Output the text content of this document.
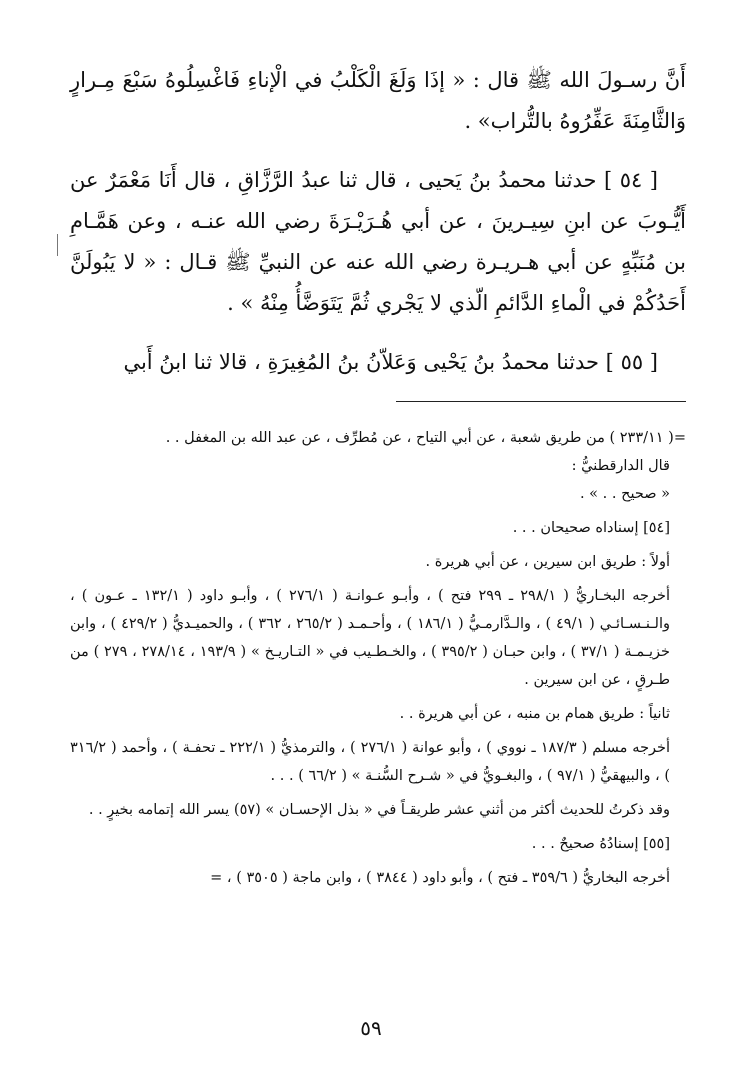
أَنَّ رسـولَ الله ﷺ قال : « إذَا وَلَغَ الْكَلْبُ في الْإناءِ فَاغْسِلُوهُ سَبْعَ مِـرارٍ وَالثَّامِنَةَ عَفِّرُوهُ بالتُّراب» .

[ ٥٤ ] حدثنا محمدُ بنُ يَحيى ، قال ثنا عبدُ الرَّزَّاقِ ، قال أَنَا مَعْمَرٌ عن أَيُّـوبَ عن ابنِ سِيـرينَ ، عن أبي هُـرَيْـرَةَ رضي الله عنـه ، وعن هَمَّـامِ بن مُنَبِّهٍ عن أبي هـريـرة رضي الله عنه عن النبيِّ ﷺ قـال : « لا يَبُولَنَّ أَحَدُكُمْ في الْماءِ الدَّائمِ الّذي لا يَجْري ثُمَّ يَتَوَضَّأُ مِنْهُ » .

[ ٥٥ ] حدثنا محمدُ بنُ يَحْيى وَعَلاّنُ بنُ المُغِيرَةِ ، قالا ثنا ابنُ أَبي

=( ٢٣٣/١١ ) من طريق شعبة ، عن أبي التياح ، عن مُطرِّف ، عن عبد الله بن المغفل . .

قال الدارقطنيُّ :

« صحيح . . » .

[٥٤] إسناداه صحيحان . . .

أولاً : طريق ابن سيرين ، عن أبي هريرة .

أخرجه البخـاريُّ ( ٢٩٨/١ ـ ٢٩٩ فتح ) ، وأبـو عـوانـة ( ٢٧٦/١ ) ، وأبـو داود ( ١٣٢/١ ـ عـون ) ، والـنـسـائـي ( ٤٩/١ ) ، والـدَّارمـيُّ ( ١٨٦/١ ) ، وأحـمـد ( ٢٦٥/٢ ، ٣٦٢ ) ، والحميـديُّ ( ٤٢٩/٢ ) ، وابن خزيـمـة ( ٣٧/١ ) ، وابن حبـان ( ٣٩٥/٢ ) ، والخـطـيب في « التـاريـخ » ( ١٩٣/٩ ، ٢٧٨/١٤ ، ٢٧٩ ) من طـرقٍ ، عن ابن سيرين .

ثانياً : طريق همام بن منبه ، عن أبي هريرة . .

أخرجه مسلم ( ١٨٧/٣ ـ نووي ) ، وأبو عوانة ( ٢٧٦/١ ) ، والترمذيُّ ( ٢٢٢/١ ـ تحفـة ) ، وأحمد ( ٣١٦/٢ ) ، والبيهقيُّ ( ٩٧/١ ) ، والبغـويُّ في « شـرح السُّنـة » ( ٦٦/٢ ) . . .

وقد ذكرتُ للحديث أكثر من أثني عشر طريقـاً في « بذل الإحسـان » (٥٧) يسر الله إتمامه بخيرٍ . .

[٥٥] إسنادُهُ صحيحٌ . . .

أخرجه البخاريُّ ( ٣٥٩/٦ ـ فتح ) ، وأبو داود ( ٣٨٤٤ ) ، وابن ماجة ( ٣٥٠٥ ) ، =

٥٩
